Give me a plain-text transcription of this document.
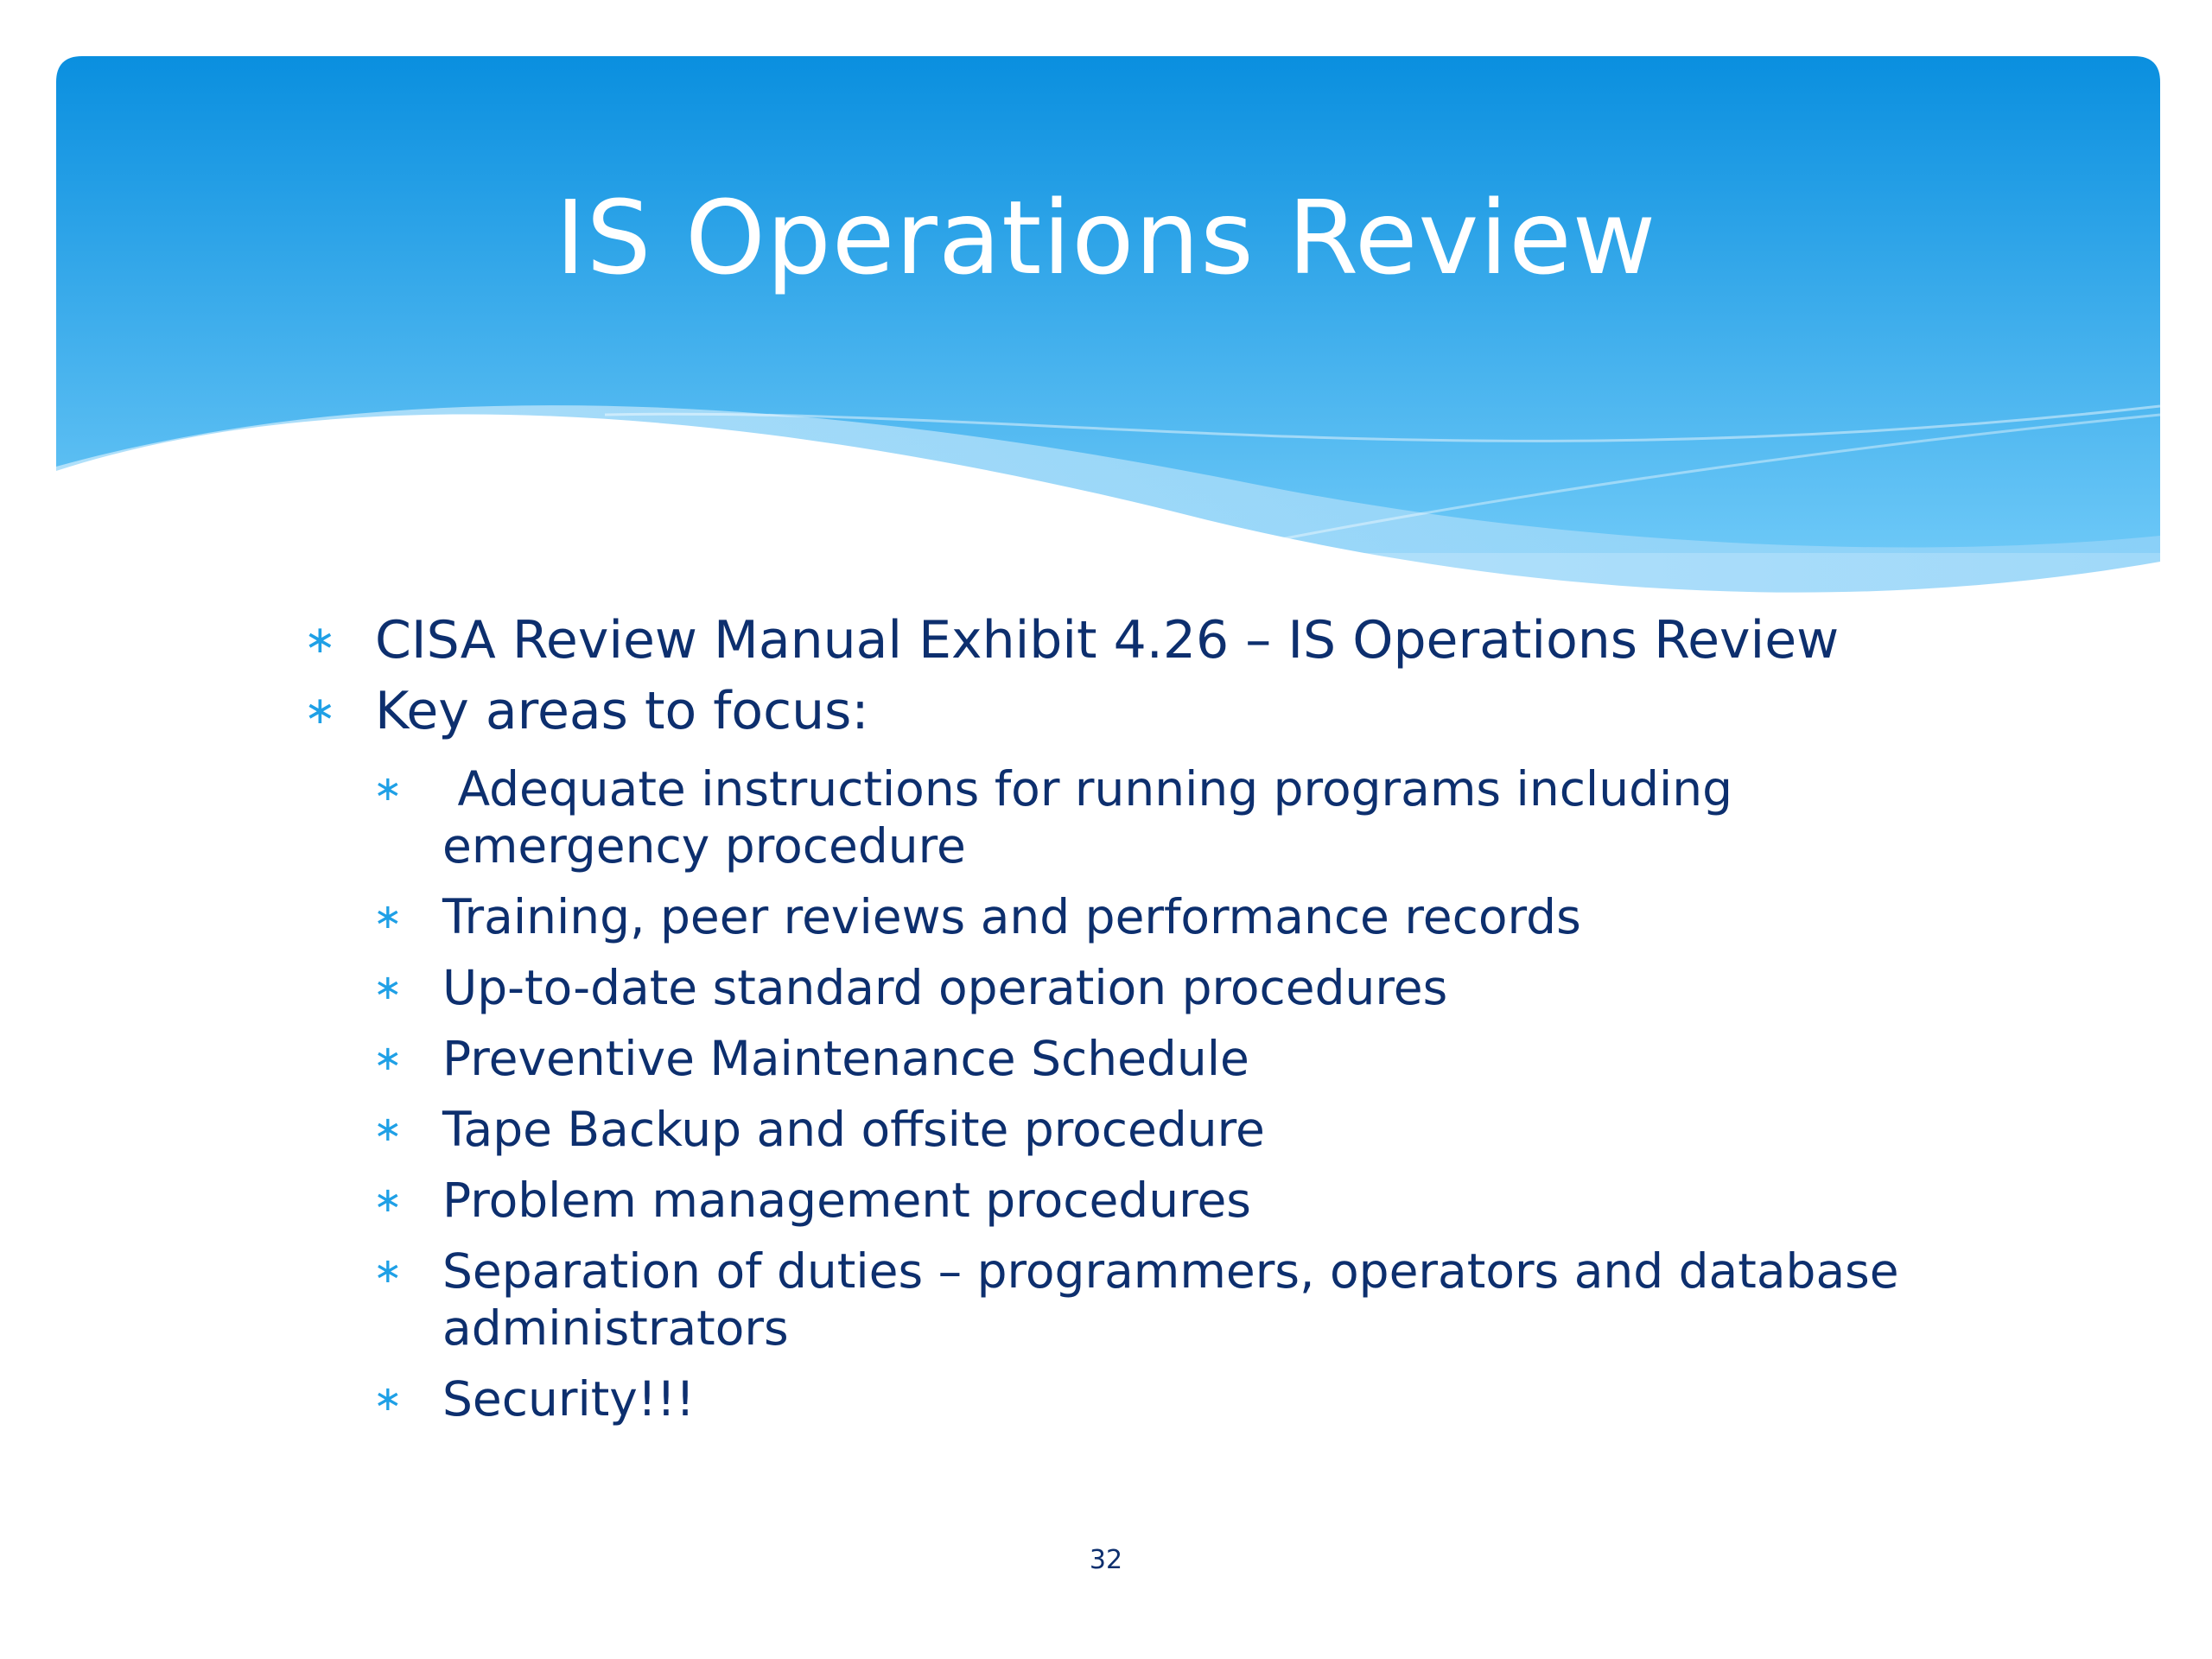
IS Operations Review
∗ CISA Review Manual Exhibit 4.26 – IS Operations Review
∗ Key areas to focus:
∗ Adequate instructions for running programs including emergency procedure
∗ Training, peer reviews and performance records
∗ Up-to-date standard operation procedures
∗ Preventive Maintenance Schedule
∗ Tape Backup and offsite procedure
∗ Problem management procedures
∗ Separation of duties – programmers, operators and database administrators
∗ Security!!!
32
